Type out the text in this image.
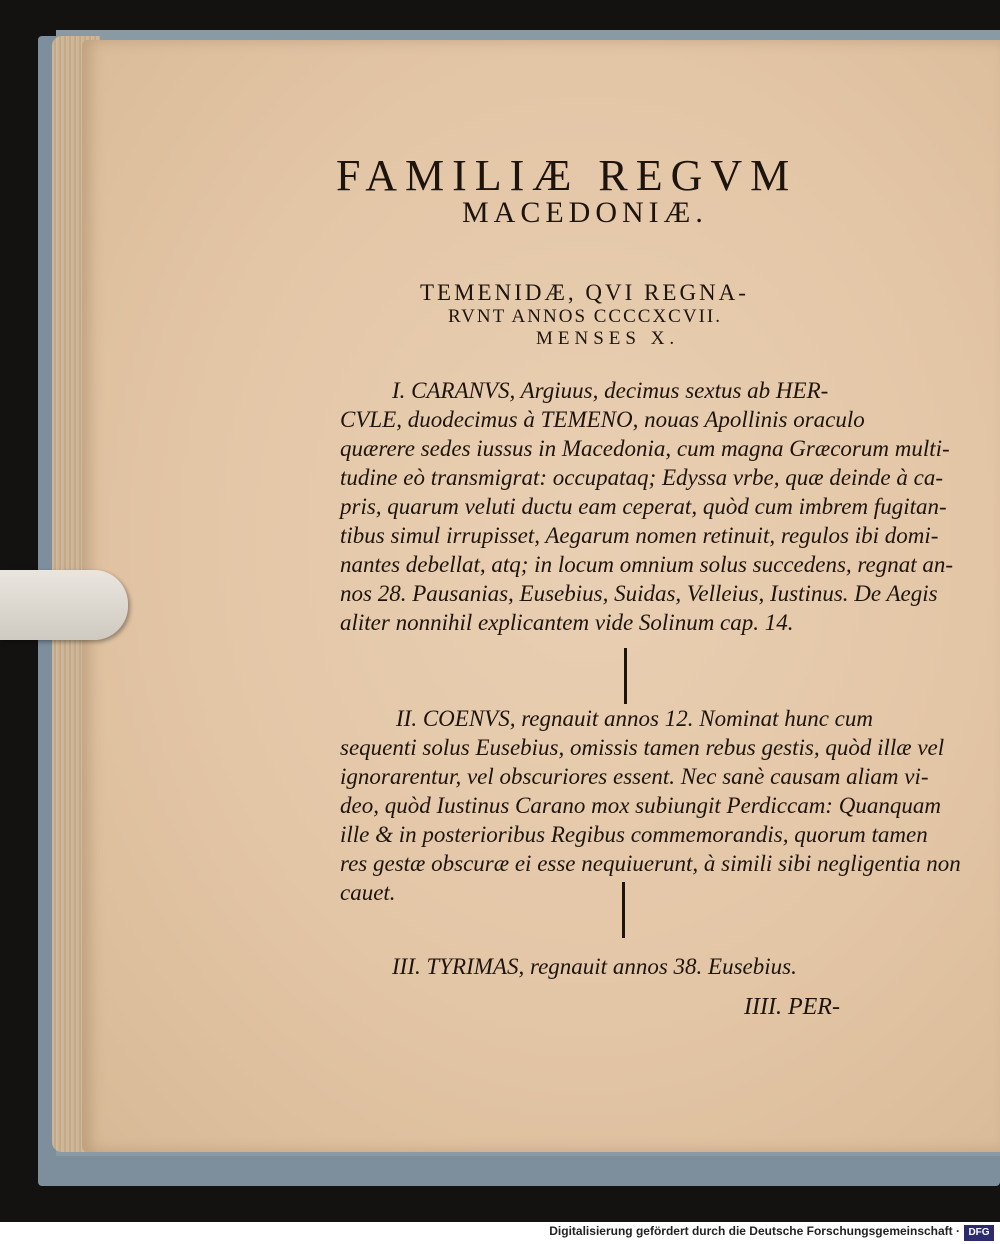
FAMILIÆ REGVM
MACEDONIÆ.
TEMENIDÆ, QVI REGNA-
RVNT ANNOS CCCCXCVII.
MENSES X.
I. CARANVS, Argiuus, decimus sextus ab HER-
CVLE, duodecimus à TEMENO, nouas Apollinis oraculo
quærere sedes iussus in Macedonia, cum magna Græcorum multi-
tudine eò transmigrat: occupataq; Edyssa vrbe, quæ deinde à ca-
pris, quarum veluti ductu eam ceperat, quòd cum imbrem fugitan-
tibus simul irrupisset, Aegarum nomen retinuit, regulos ibi domi-
nantes debellat, atq; in locum omnium solus succedens, regnat an-
nos 28. Pausanias, Eusebius, Suidas, Velleius, Iustinus. De Aegis
aliter nonnihil explicantem vide Solinum cap. 14.
II. COENVS, regnauit annos 12. Nominat hunc cum
sequenti solus Eusebius, omissis tamen rebus gestis, quòd illæ vel
ignorarentur, vel obscuriores essent. Nec sanè causam aliam vi-
deo, quòd Iustinus Carano mox subiungit Perdiccam: Quanquam
ille & in posterioribus Regibus commemorandis, quorum tamen
res gestæ obscuræ ei esse nequiuerunt, à simili sibi negligentia non
cauet.
III. TYRIMAS, regnauit annos 38. Eusebius.
IIII. PER-
Digitalisierung gefördert durch die Deutsche Forschungsgemeinschaft · DFG
